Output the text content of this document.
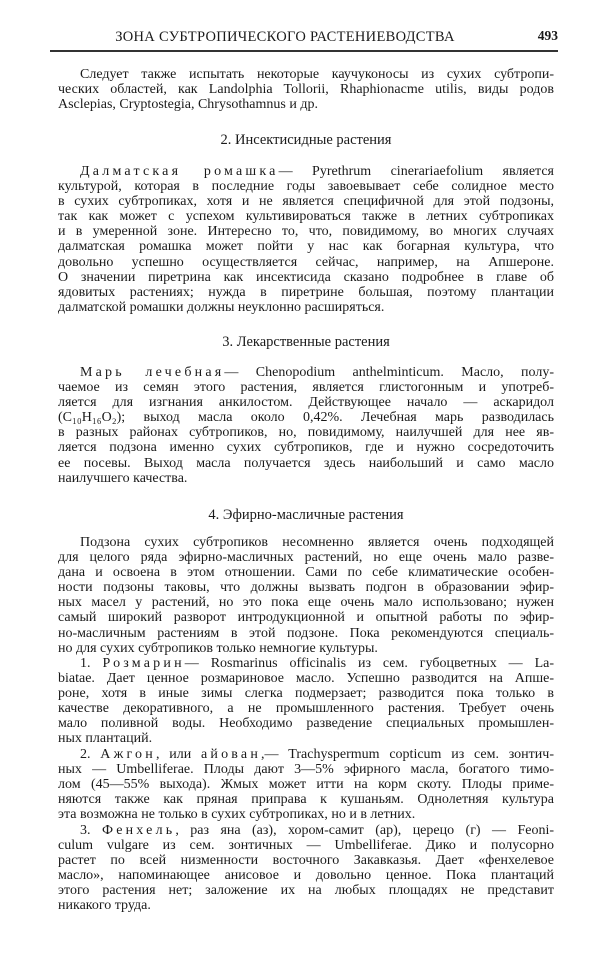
ЗОНА СУБТРОПИЧЕСКОГО РАСТЕНИЕВОДСТВА	493
Следует также испытать некоторые каучуконосы из сухих субтропи-
ческих областей, как Landolphia Tollorii, Rhaphionacme utilis, виды родов
Asclepias, Cryptostegia, Chrysothamnus и др.
2. Инсектисидные растения
Далматская ромашка— Pyrethrum cinerariaefolium является
культурой, которая в последние годы завоевывает себе солидное место
в сухих субтропиках, хотя и не является специфичной для этой подзоны,
так как может с успехом культивироваться также в летних субтропиках
и в умеренной зоне. Интересно то, что, повидимому, во многих случаях
далматская ромашка может пойти у нас как богарная культура, что
довольно успешно осуществляется сейчас, например, на Апшероне.
О значении пиретрина как инсектисида сказано подробнее в главе об
ядовитых растениях; нужда в пиретрине большая, поэтому плантации
далматской ромашки должны неуклонно расширяться.
3. Лекарственные растения
Марь лечебная— Chenopodium anthelminticum. Масло, полу-
чаемое из семян этого растения, является глистогонным и употреб-
ляется для изгнания анкилостом. Действующее начало — аскаридол
(C₁₀H₁₆O₂); выход масла около 0,42%. Лечебная марь разводилась
в разных районах субтропиков, но, повидимому, наилучшей для нее яв-
ляется подзона именно сухих субтропиков, где и нужно сосредоточить
ее посевы. Выход масла получается здесь наибольший и само масло
наилучшего качества.
4. Эфирно-масличные растения
Подзона сухих субтропиков несомненно является очень подходящей
для целого ряда эфирно-масличных растений, но еще очень мало разве-
дана и освоена в этом отношении. Сами по себе климатические особен-
ности подзоны таковы, что должны вызвать подгон в образовании эфир-
ных масел у растений, но это пока еще очень мало использовано; нужен
самый широкий разворот интродукционной и опытной работы по эфир-
но-масличным растениям в этой подзоне. Пока рекомендуются специаль-
но для сухих субтропиков только немногие культуры.
1. Розмарин— Rosmarinus officinalis из сем. губоцветных — La-
biatae. Дает ценное розмариновое масло. Успешно разводится на Апше-
роне, хотя в иные зимы слегка подмерзает; разводится пока только в
качестве декоративного, а не промышленного растения. Требует очень
мало поливной воды. Необходимо разведение специальных промышлен-
ных плантаций.
2. Ажгон, или айован,— Trachyspermum copticum из сем. зонтич-
ных — Umbelliferae. Плоды дают 3—5% эфирного масла, богатого тимо-
лом (45—55% выхода). Жмых может итти на корм скоту. Плоды приме-
няются также как пряная приправа к кушаньям. Однолетняя культура
эта возможна не только в сухих субтропиках, но и в летних.
3. Фенхель, раз яна (аз), хором-самит (ар), церецо (г) — Feoni-
culum vulgare из сем. зонтичных — Umbelliferae. Дико и полусорно
растет по всей низменности восточного Закавказья. Дает «фенхелевое
масло», напоминающее анисовое и довольно ценное. Пока плантаций
этого растения нет; заложение их на любых площадях не представит
никакого труда.
